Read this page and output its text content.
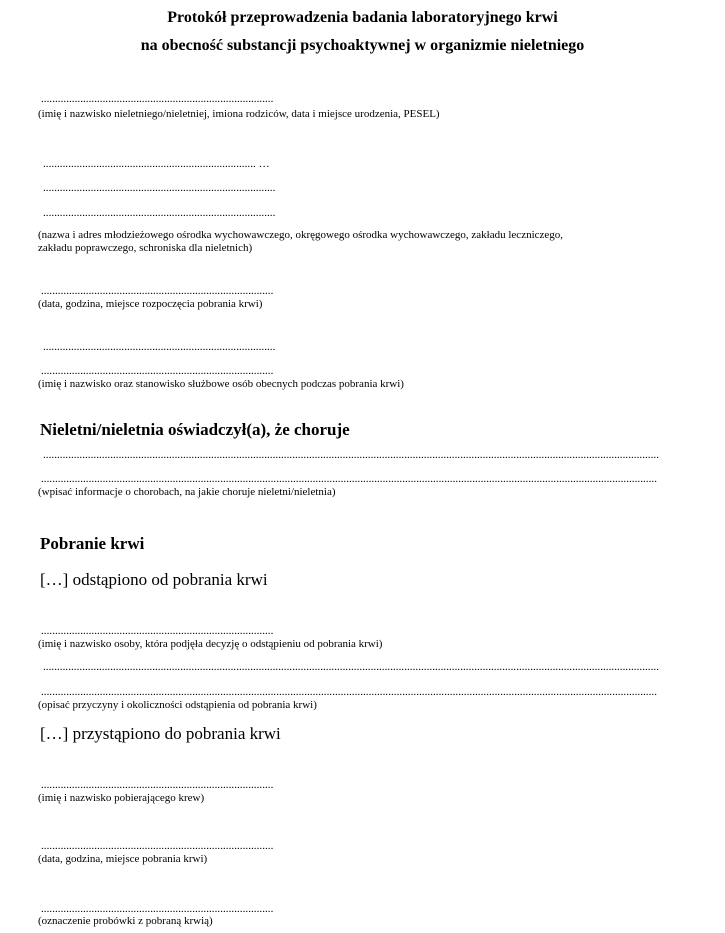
Protokół przeprowadzenia badania laboratoryjnego krwi
na obecność substancji psychoaktywnej w organizmie nieletniego
...................................................................................
(imię i nazwisko nieletniego/nieletniej, imiona rodziców, data i miejsce urodzenia, PESEL)
............................................................................ …
...................................................................................
...................................................................................
(nazwa i adres młodzieżowego ośrodka wychowawczego, okręgowego ośrodka wychowawczego, zakładu leczniczego,
zakładu poprawczego, schroniska dla nieletnich)
...................................................................................
(data, godzina, miejsce rozpoczęcia pobrania krwi)
...................................................................................
...................................................................................
(imię i nazwisko oraz stanowisko służbowe osób obecnych podczas pobrania krwi)
Nieletni/nieletnia oświadczył(a), że choruje
............................................................................................................................................................................................................................
............................................................................................................................................................................................................................
(wpisać informacje o chorobach, na jakie choruje nieletni/nieletnia)
Pobranie krwi
[…] odstąpiono od pobrania krwi
...................................................................................
(imię i nazwisko osoby, która podjęła decyzję o odstąpieniu od pobrania krwi)
............................................................................................................................................................................................................................
............................................................................................................................................................................................................................
(opisać przyczyny i okoliczności odstąpienia od pobrania krwi)
[…] przystąpiono do pobrania krwi
...................................................................................
(imię i nazwisko pobierającego krew)
...................................................................................
(data, godzina, miejsce pobrania krwi)
...................................................................................
(oznaczenie probówki z pobraną krwią)
